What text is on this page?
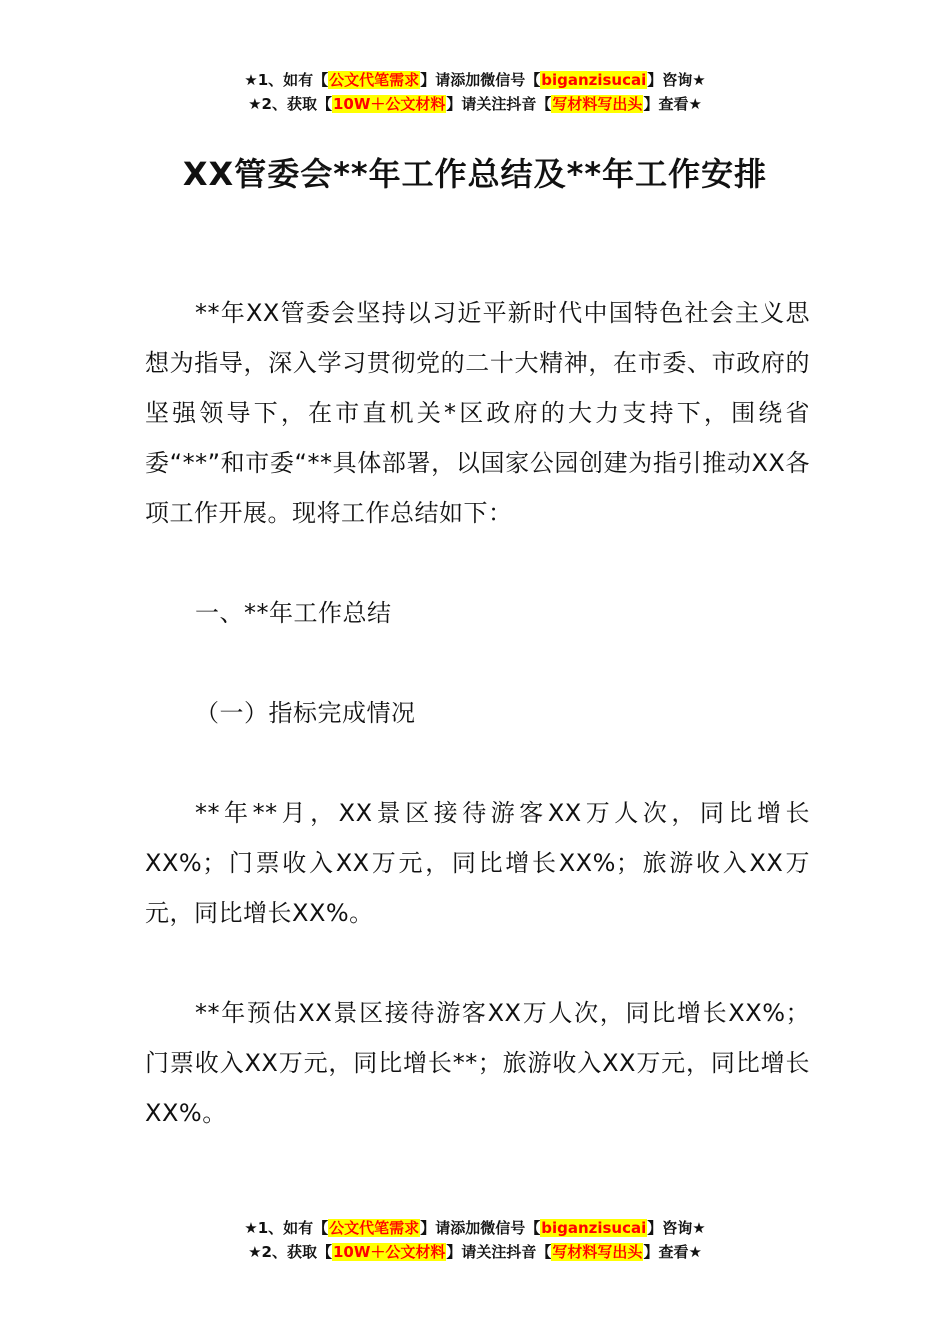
★1、如有【公文代笔需求】请添加微信号【biganzisucai】咨询★
★2、获取【10W＋公文材料】请关注抖音【写材料写出头】查看★
XX管委会**年工作总结及**年工作安排

**年XX管委会坚持以习近平新时代中国特色社会主义思想为指导，深入学习贯彻党的二十大精神，在市委、市政府的坚强领导下，在市直机关*区政府的大力支持下，围绕省委“**”和市委“**具体部署，以国家公园创建为指引推动XX各项工作开展。现将工作总结如下：

一、**年工作总结

（一）指标完成情况

**年**月，XX景区接待游客XX万人次，同比增长XX%；门票收入XX万元，同比增长XX%；旅游收入XX万元，同比增长XX%。

**年预估XX景区接待游客XX万人次，同比增长XX%；门票收入XX万元，同比增长**；旅游收入XX万元，同比增长XX%。

★1、如有【公文代笔需求】请添加微信号【biganzisucai】咨询★
★2、获取【10W＋公文材料】请关注抖音【写材料写出头】查看★
